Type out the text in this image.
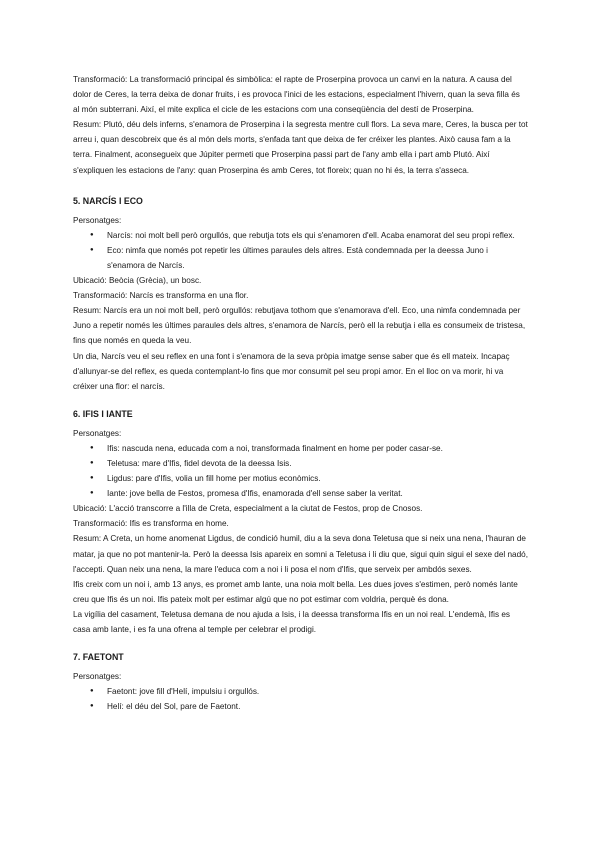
Transformació: La transformació principal és simbòlica: el rapte de Proserpina provoca un canvi en la natura. A causa del dolor de Ceres, la terra deixa de donar fruits, i es provoca l'inici de les estacions, especialment l'hivern, quan la seva filla és al món subterrani. Així, el mite explica el cicle de les estacions com una conseqüència del destí de Proserpina.

Resum: Plutó, déu dels inferns, s'enamora de Proserpina i la segresta mentre cull flors. La seva mare, Ceres, la busca per tot arreu i, quan descobreix que és al món dels morts, s'enfada tant que deixa de fer créixer les plantes. Això causa fam a la terra. Finalment, aconsegueix que Júpiter permeti que Proserpina passi part de l'any amb ella i part amb Plutó. Així s'expliquen les estacions de l'any: quan Proserpina és amb Ceres, tot floreix; quan no hi és, la terra s'asseca.

5. NARCÍS I ECO

Personatges:

● Narcís: noi molt bell però orgullós, que rebutja tots els qui s'enamoren d'ell. Acaba enamorat del seu propi reflex.
● Eco: nimfa que només pot repetir les últimes paraules dels altres. Està condemnada per la deessa Juno i s'enamora de Narcís.

Ubicació: Beòcia (Grècia), un bosc.

Transformació: Narcís es transforma en una flor.

Resum: Narcís era un noi molt bell, però orgullós: rebutjava tothom que s'enamorava d'ell. Eco, una nimfa condemnada per Juno a repetir només les últimes paraules dels altres, s'enamora de Narcís, però ell la rebutja i ella es consumeix de tristesa, fins que només en queda la veu.

Un dia, Narcís veu el seu reflex en una font i s'enamora de la seva pròpia imatge sense saber que és ell mateix. Incapaç d'allunyar-se del reflex, es queda contemplant-lo fins que mor consumit pel seu propi amor. En el lloc on va morir, hi va créixer una flor: el narcís.

6. IFIS I IANTE

Personatges:

● Ifis: nascuda nena, educada com a noi, transformada finalment en home per poder casar-se.
● Teletusa: mare d'Ifis, fidel devota de la deessa Isis.
● Ligdus: pare d'Ifis, volia un fill home per motius econòmics.
● Iante: jove bella de Festos, promesa d'Ifis, enamorada d'ell sense saber la veritat.

Ubicació: L'acció transcorre a l'illa de Creta, especialment a la ciutat de Festos, prop de Cnosos.

Transformació: Ifis es transforma en home.

Resum: A Creta, un home anomenat Ligdus, de condició humil, diu a la seva dona Teletusa que si neix una nena, l'hauran de matar, ja que no pot mantenir-la. Però la deessa Isis apareix en somni a Teletusa i li diu que, sigui quin sigui el sexe del nadó, l'accepti. Quan neix una nena, la mare l'educa com a noi i li posa el nom d'Ifis, que serveix per ambdós sexes.

Ifis creix com un noi i, amb 13 anys, es promet amb Iante, una noia molt bella. Les dues joves s'estimen, però només Iante creu que Ifis és un noi. Ifis pateix molt per estimar algú que no pot estimar com voldria, perquè és dona.

La vigília del casament, Teletusa demana de nou ajuda a Isis, i la deessa transforma Ifis en un noi real. L'endemà, Ifis es casa amb Iante, i es fa una ofrena al temple per celebrar el prodigi.

7. FAETONT

Personatges:

● Faetont: jove fill d'Helí, impulsiu i orgullós.
● Helí: el déu del Sol, pare de Faetont.
